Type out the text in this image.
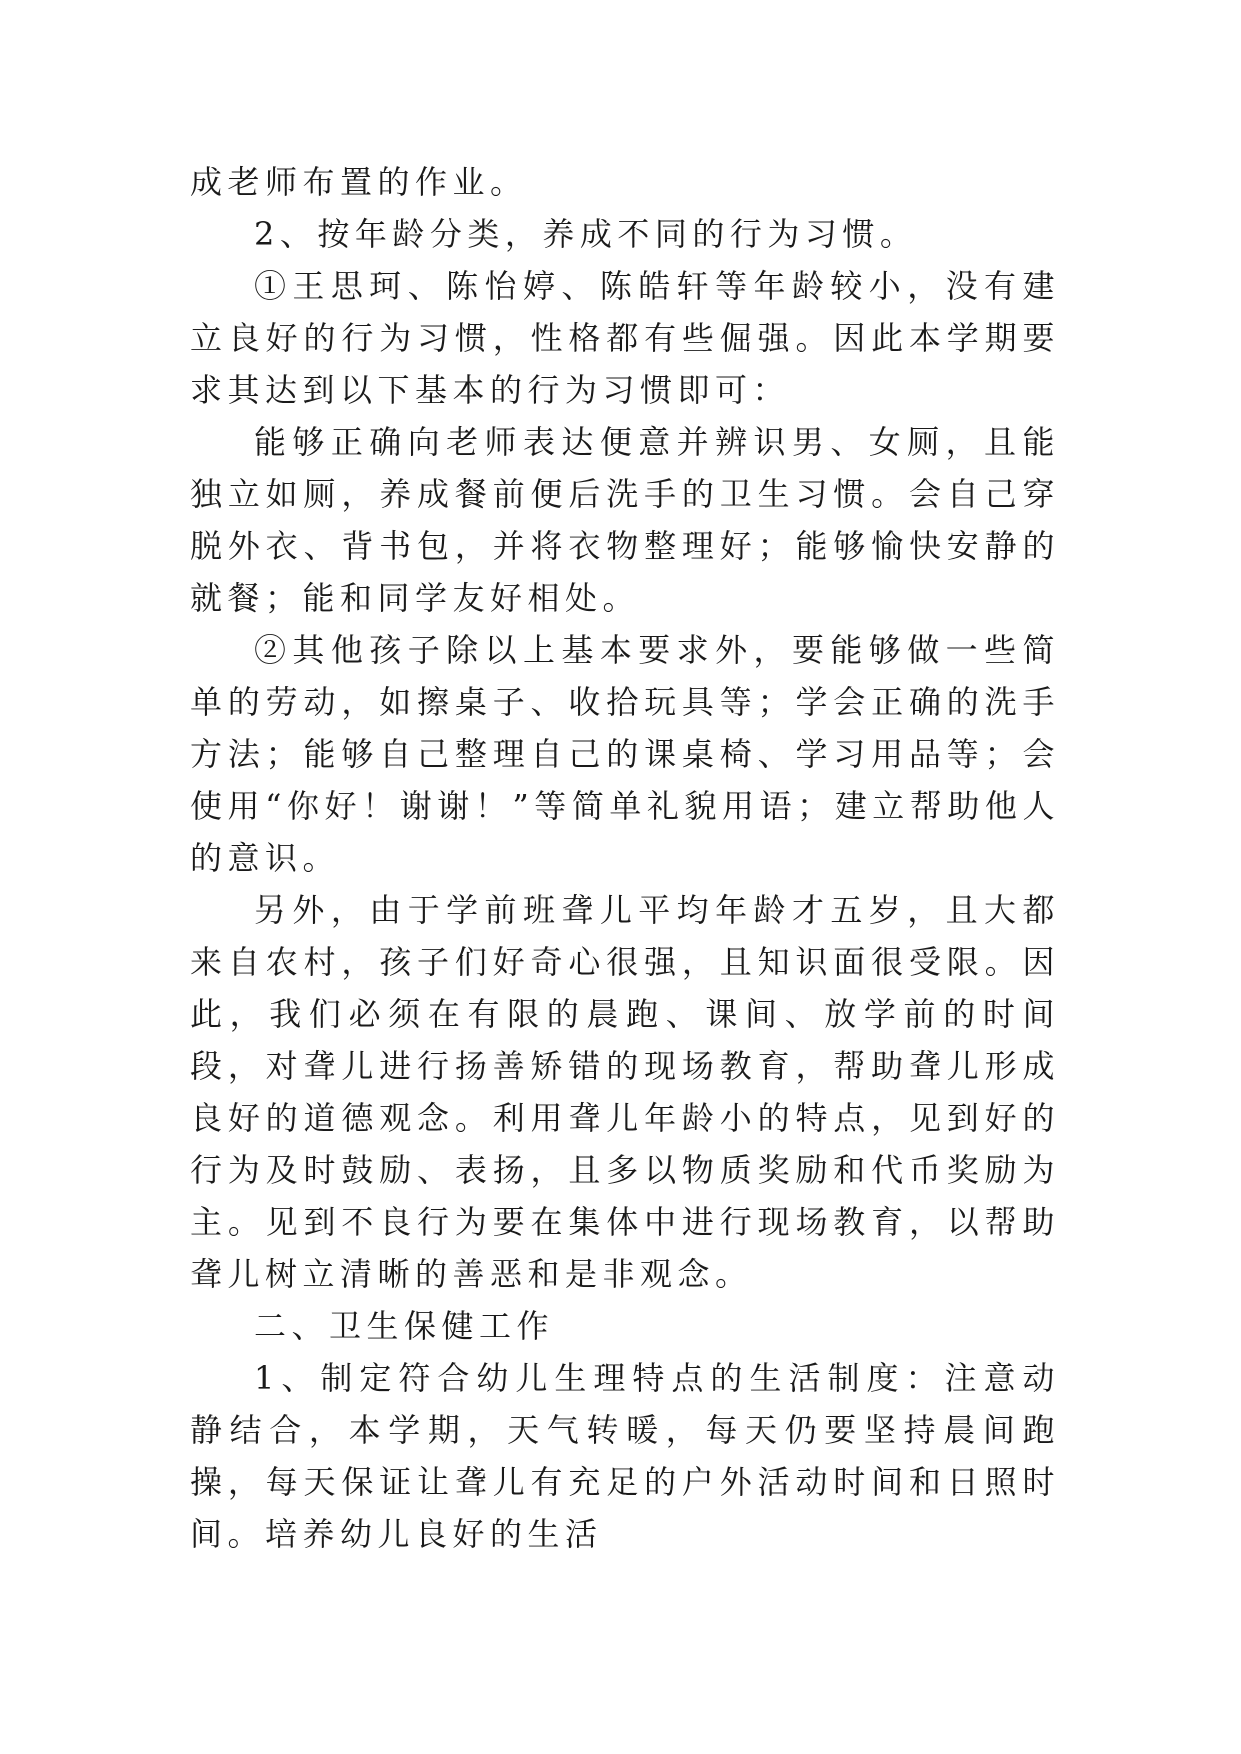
成老师布置的作业。

2、按年龄分类，养成不同的行为习惯。

①王思珂、陈怡婷、陈皓轩等年龄较小，没有建立良好的行为习惯，性格都有些倔强。因此本学期要求其达到以下基本的行为习惯即可：

能够正确向老师表达便意并辨识男、女厕，且能独立如厕，养成餐前便后洗手的卫生习惯。会自己穿脱外衣、背书包，并将衣物整理好；能够愉快安静的就餐；能和同学友好相处。

②其他孩子除以上基本要求外，要能够做一些简单的劳动，如擦桌子、收拾玩具等；学会正确的洗手方法；能够自己整理自己的课桌椅、学习用品等；会使用“你好！谢谢！”等简单礼貌用语；建立帮助他人的意识。

另外，由于学前班聋儿平均年龄才五岁，且大都来自农村，孩子们好奇心很强，且知识面很受限。因此，我们必须在有限的晨跑、课间、放学前的时间段，对聋儿进行扬善矫错的现场教育，帮助聋儿形成良好的道德观念。利用聋儿年龄小的特点，见到好的行为及时鼓励、表扬，且多以物质奖励和代币奖励为主。见到不良行为要在集体中进行现场教育，以帮助聋儿树立清晰的善恶和是非观念。

二、卫生保健工作

1、制定符合幼儿生理特点的生活制度：注意动静结合，本学期，天气转暖，每天仍要坚持晨间跑操，每天保证让聋儿有充足的户外活动时间和日照时间。培养幼儿良好的生活
